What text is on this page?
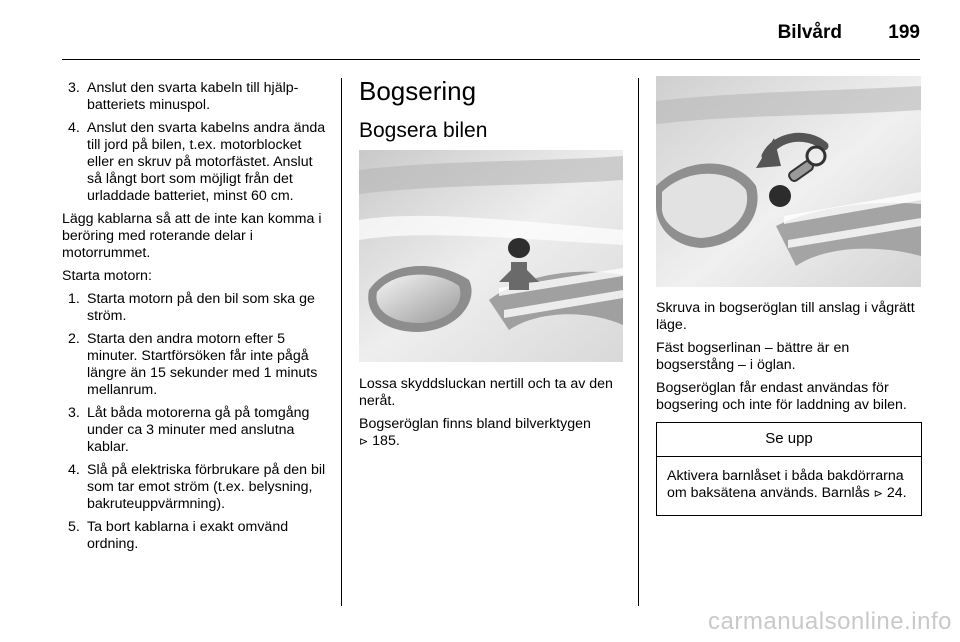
Bilvård 199
3. Anslut den svarta kabeln till hjälpbatteriets minuspol.
4. Anslut den svarta kabelns andra ända till jord på bilen, t.ex. motorblocket eller en skruv på motorfästet. Anslut så långt bort som möjligt från det urladdade batteriet, minst 60 cm.

Lägg kablarna så att de inte kan komma i beröring med roterande delar i motorrummet.

Starta motorn:

1. Starta motorn på den bil som ska ge ström.
2. Starta den andra motorn efter 5 minuter. Startförsöken får inte pågå längre än 15 sekunder med 1 minuts mellanrum.
3. Låt båda motorerna gå på tomgång under ca 3 minuter med anslutna kablar.
4. Slå på elektriska förbrukare på den bil som tar emot ström (t.ex. belysning, bakruteuppvärmning).
5. Ta bort kablarna i exakt omvänd ordning.
Bogsering
Bogsera bilen

Lossa skyddsluckan nertill och ta av den neråt.

Bogseröglan finns bland bilverktygen
⊳ 185.

Skruva in bogseröglan till anslag i vågrätt läge.

Fäst bogserlinan – bättre är en bogserstång – i öglan.

Bogseröglan får endast användas för bogsering och inte för laddning av bilen.

Se upp
Aktivera barnlåset i båda bakdörrarna om baksätena används. Barnlås ⊳ 24.
carmanualsonline.info
